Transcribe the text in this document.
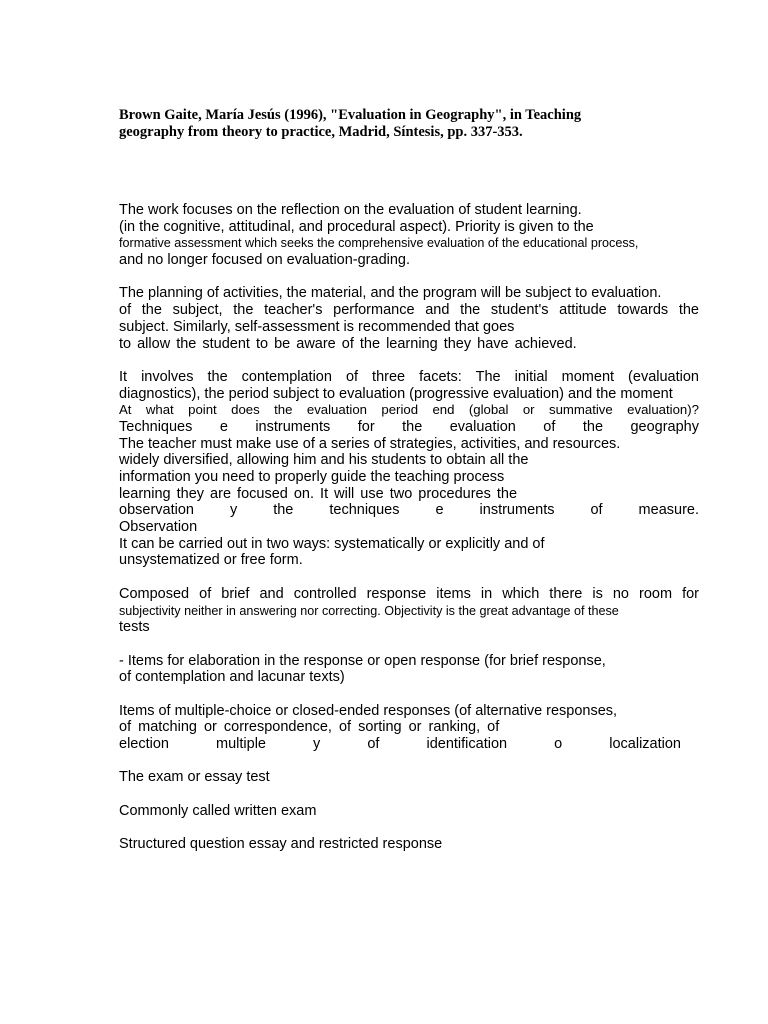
Brown Gaite, María Jesús (1996), "Evaluation in Geography", in Teaching
geography from theory to practice, Madrid, Síntesis, pp. 337-353.
The work focuses on the reflection on the evaluation of student learning.
(in the cognitive, attitudinal, and procedural aspect). Priority is given to the
formative assessment which seeks the comprehensive evaluation of the educational process,
and no longer focused on evaluation-grading.
The planning of activities, the material, and the program will be subject to evaluation.
of the subject, the teacher's performance and the student's attitude towards the
subject. Similarly, self-assessment is recommended that goes
to allow the student to be aware of the learning they have achieved.
It involves the contemplation of three facets: The initial moment (evaluation
diagnostics), the period subject to evaluation (progressive evaluation) and the moment
At what point does the evaluation period end (global or summative evaluation)?
Techniques e instruments for the evaluation of the geography
The teacher must make use of a series of strategies, activities, and resources.
widely diversified, allowing him and his students to obtain all the
information you need to properly guide the teaching process
learning they are focused on. It will use two procedures the
observation y the techniques e instruments of measure.
Observation
It can be carried out in two ways: systematically or explicitly and of
unsystematized or free form.
Composed of brief and controlled response items in which there is no room for
subjectivity neither in answering nor correcting. Objectivity is the great advantage of these
tests
- Items for elaboration in the response or open response (for brief response,
of contemplation and lacunar texts)
Items of multiple-choice or closed-ended responses (of alternative responses,
of matching or correspondence, of sorting or ranking, of
election multiple y of identification o localization
The exam or essay test
Commonly called written exam
Structured question essay and restricted response
